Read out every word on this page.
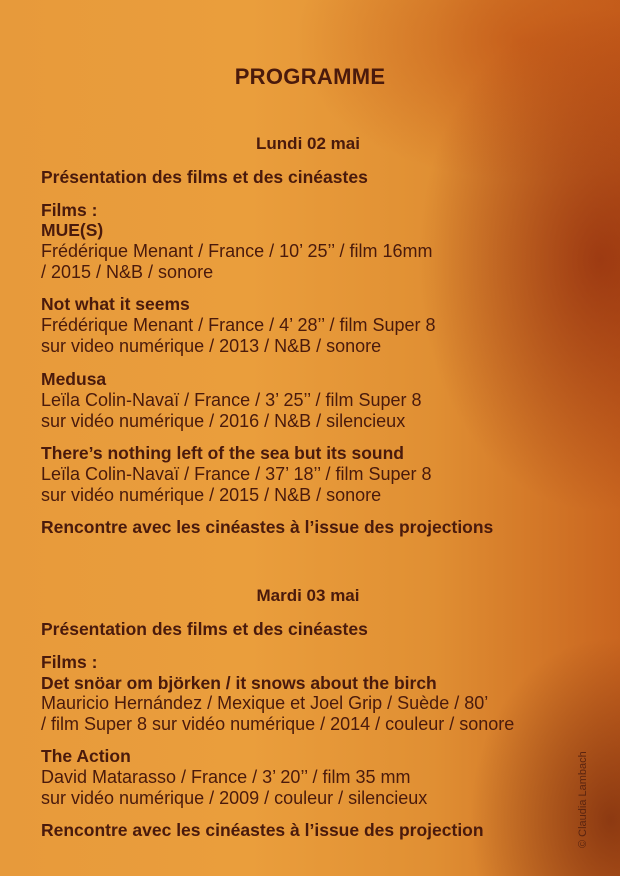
PROGRAMME

Lundi 02 mai

Présentation des films et des cinéastes

Films :

MUE(S)

Frédérique Menant / France / 10’ 25’’ / film 16mm

/ 2015 / N&B / sonore

Not what it seems

Frédérique Menant / France / 4’ 28’’ / film Super 8

sur video numérique / 2013 / N&B / sonore

Medusa

Leïla Colin-Navaï / France / 3’ 25’’ / film Super 8

sur vidéo numérique / 2016 / N&B / silencieux

There’s nothing left of the sea but its sound

Leïla Colin-Navaï / France / 37’ 18’’ / film Super 8

sur vidéo numérique / 2015 / N&B / sonore

Rencontre avec les cinéastes à l’issue des projections

Mardi 03 mai

Présentation des films et des cinéastes

Films :

Det snöar om björken / it snows about the birch

Mauricio Hernández / Mexique et Joel Grip / Suède / 80’

/ film Super 8 sur vidéo numérique / 2014 / couleur / sonore

The Action

David Matarasso / France / 3’ 20’’ / film 35 mm

sur vidéo numérique / 2009 / couleur / silencieux

Rencontre avec les cinéastes à l’issue des projection	© Claudia Lambach
